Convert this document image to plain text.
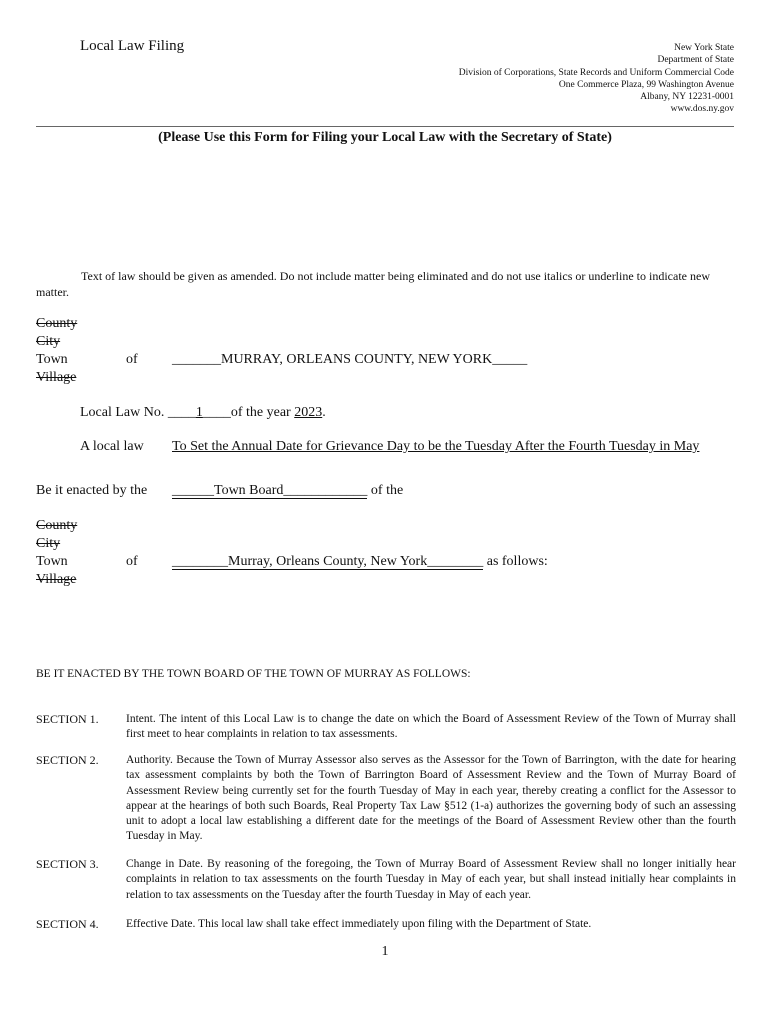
Local Law Filing	New York State
Department of State
Division of Corporations, State Records and Uniform Commercial Code
One Commerce Plaza, 99 Washington Avenue
Albany, NY 12231-0001
www.dos.ny.gov
(Please Use this Form for Filing your Local Law with the Secretary of State)
Text of law should be given as amended. Do not include matter being eliminated and do not use italics or underline to indicate new matter.
County
City
Town
Village
of _______MURRAY, ORLEANS COUNTY, NEW YORK_____
Local Law No. ____1____of the year 2023.
A local law To Set the Annual Date for Grievance Day to be the Tuesday After the Fourth Tuesday in May
Be it enacted by the ______Town Board____________ of the
County
City
Town
Village
of ________Murray, Orleans County, New York________ as follows:
BE IT ENACTED BY THE TOWN BOARD OF THE TOWN OF MURRAY AS FOLLOWS:
SECTION 1. Intent. The intent of this Local Law is to change the date on which the Board of Assessment Review of the Town of Murray shall first meet to hear complaints in relation to tax assessments.
SECTION 2. Authority. Because the Town of Murray Assessor also serves as the Assessor for the Town of Barrington, with the date for hearing tax assessment complaints by both the Town of Barrington Board of Assessment Review and the Town of Murray Board of Assessment Review being currently set for the fourth Tuesday of May in each year, thereby creating a conflict for the Assessor to appear at the hearings of both such Boards, Real Property Tax Law §512 (1-a) authorizes the governing body of such an assessing unit to adopt a local law establishing a different date for the meetings of the Board of Assessment Review other than the fourth Tuesday in May.
SECTION 3. Change in Date. By reasoning of the foregoing, the Town of Murray Board of Assessment Review shall no longer initially hear complaints in relation to tax assessments on the fourth Tuesday in May of each year, but shall instead initially hear complaints in relation to tax assessments on the Tuesday after the fourth Tuesday in May of each year.
SECTION 4. Effective Date. This local law shall take effect immediately upon filing with the Department of State.
1
